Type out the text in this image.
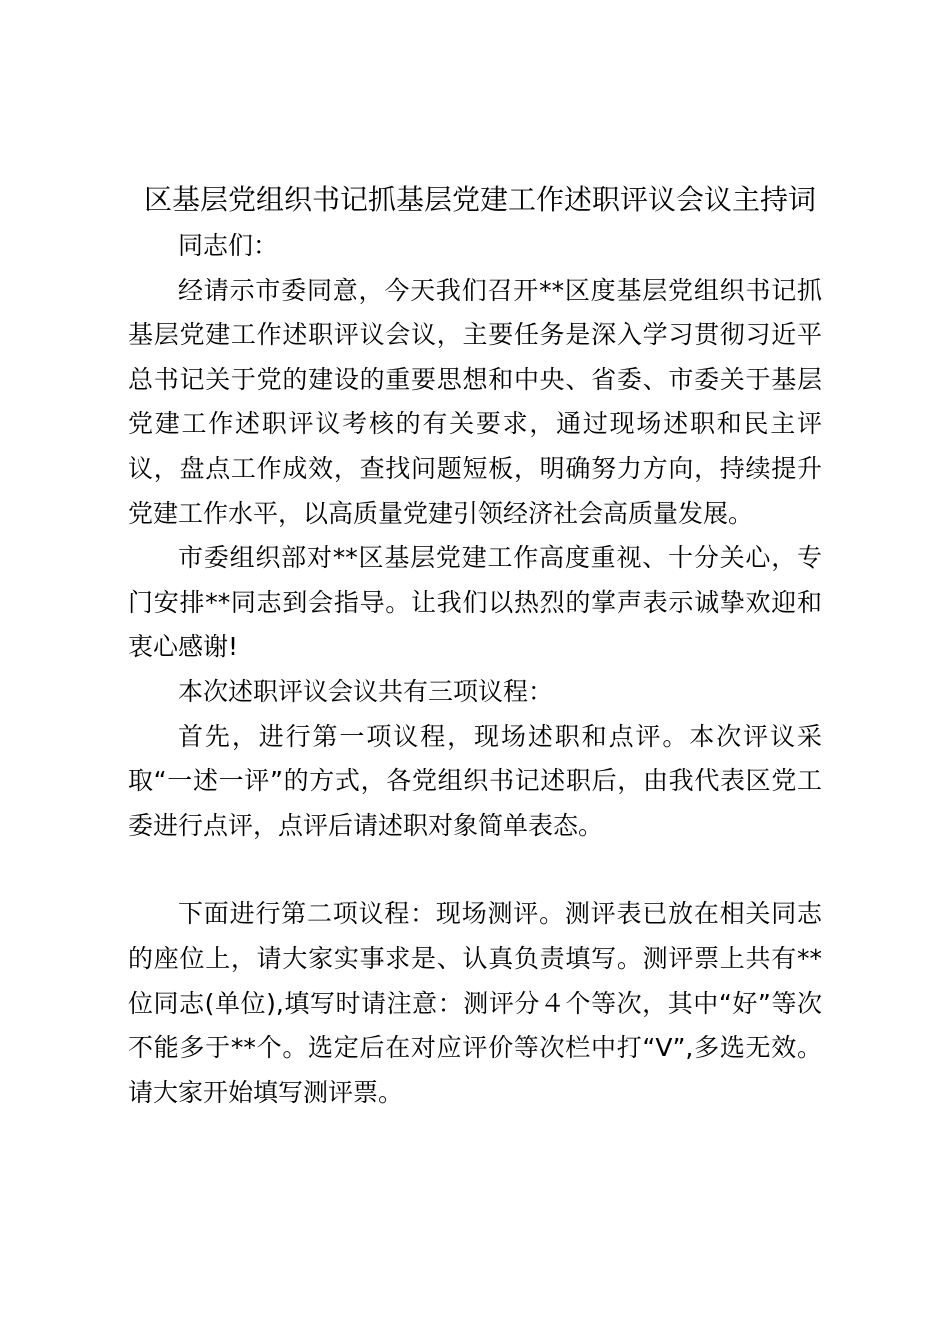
区基层党组织书记抓基层党建工作述职评议会议主持词

同志们：

经请示市委同意，今天我们召开**区度基层党组织书记抓基层党建工作述职评议会议，主要任务是深入学习贯彻习近平总书记关于党的建设的重要思想和中央、省委、市委关于基层党建工作述职评议考核的有关要求，通过现场述职和民主评议，盘点工作成效，查找问题短板，明确努力方向，持续提升党建工作水平，以高质量党建引领经济社会高质量发展。

市委组织部对**区基层党建工作高度重视、十分关心，专门安排**同志到会指导。让我们以热烈的掌声表示诚挚欢迎和衷心感谢!

本次述职评议会议共有三项议程：

首先，进行第一项议程，现场述职和点评。本次评议采取“一述一评”的方式，各党组织书记述职后，由我代表区党工委进行点评，点评后请述职对象简单表态。

下面进行第二项议程：现场测评。测评表已放在相关同志的座位上，请大家实事求是、认真负责填写。测评票上共有**位同志(单位),填写时请注意：测评分４个等次，其中“好”等次不能多于**个。选定后在对应评价等次栏中打“V”,多选无效。请大家开始填写测评票。
